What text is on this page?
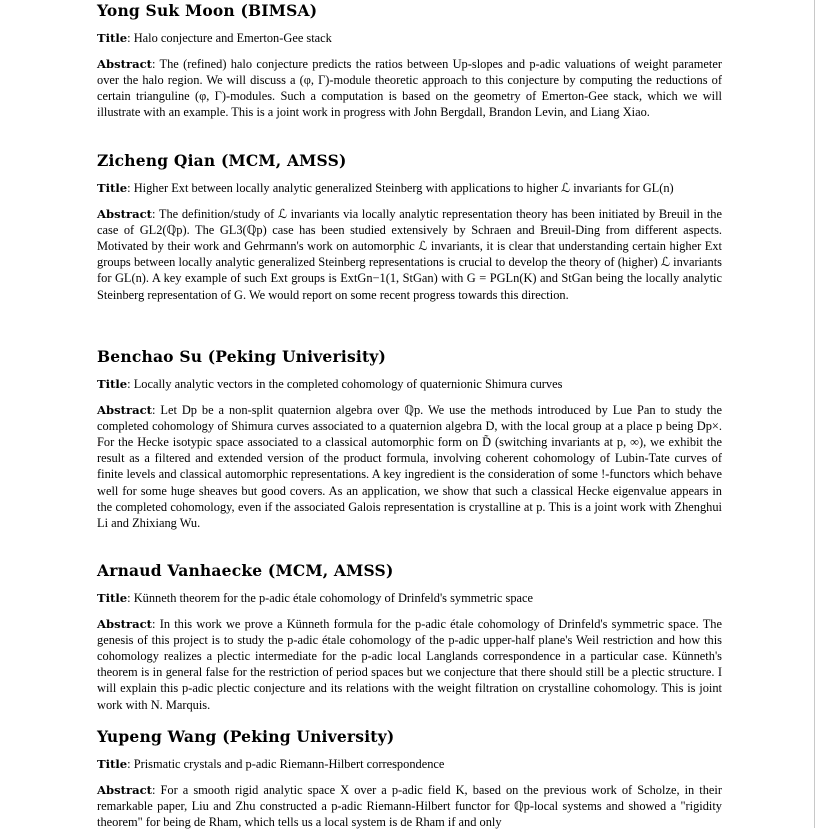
Yong Suk Moon (BIMSA)

Title: Halo conjecture and Emerton-Gee stack

Abstract: The (refined) halo conjecture predicts the ratios between Up-slopes and p-adic valuations of weight parameter over the halo region. We will discuss a (φ, Γ)-module theoretic approach to this conjecture by computing the reductions of certain trianguline (φ, Γ)-modules. Such a computation is based on the geometry of Emerton-Gee stack, which we will illustrate with an example. This is a joint work in progress with John Bergdall, Brandon Levin, and Liang Xiao.

Zicheng Qian (MCM, AMSS)

Title: Higher Ext between locally analytic generalized Steinberg with applications to higher ℒ invariants for GL(n)

Abstract: The definition/study of ℒ invariants via locally analytic representation theory has been initiated by Breuil in the case of GL2(ℚp). The GL3(ℚp) case has been studied extensively by Schraen and Breuil-Ding from different aspects. Motivated by their work and Gehrmann's work on automorphic ℒ invariants, it is clear that understanding certain higher Ext groups between locally analytic generalized Steinberg representations is crucial to develop the theory of (higher) ℒ invariants for GL(n). A key example of such Ext groups is ExtGn−1(1, StGan) with G = PGLn(K) and StGan being the locally analytic Steinberg representation of G. We would report on some recent progress towards this direction.

Benchao Su (Peking Univerisity)

Title: Locally analytic vectors in the completed cohomology of quaternionic Shimura curves

Abstract: Let Dp be a non-split quaternion algebra over ℚp. We use the methods introduced by Lue Pan to study the completed cohomology of Shimura curves associated to a quaternion algebra D, with the local group at a place p being Dp×. For the Hecke isotypic space associated to a classical automorphic form on D̃ (switching invariants at p, ∞), we exhibit the result as a filtered and extended version of the product formula, involving coherent cohomology of Lubin-Tate curves of finite levels and classical automorphic representations. A key ingredient is the consideration of some !-functors which behave well for some huge sheaves but good covers. As an application, we show that such a classical Hecke eigenvalue appears in the completed cohomology, even if the associated Galois representation is crystalline at p. This is a joint work with Zhenghui Li and Zhixiang Wu.

Arnaud Vanhaecke (MCM, AMSS)

Title: Künneth theorem for the p-adic étale cohomology of Drinfeld's symmetric space

Abstract: In this work we prove a Künneth formula for the p-adic étale cohomology of Drinfeld's symmetric space. The genesis of this project is to study the p-adic étale cohomology of the p-adic upper-half plane's Weil restriction and how this cohomology realizes a plectic intermediate for the p-adic local Langlands correspondence in a particular case. Künneth's theorem is in general false for the restriction of period spaces but we conjecture that there should still be a plectic structure. I will explain this p-adic plectic conjecture and its relations with the weight filtration on crystalline cohomology. This is joint work with N. Marquis.

Yupeng Wang (Peking University)

Title: Prismatic crystals and p-adic Riemann-Hilbert correspondence

Abstract: For a smooth rigid analytic space X over a p-adic field K, based on the previous work of Scholze, in their remarkable paper, Liu and Zhu constructed a p-adic Riemann-Hilbert functor for ℚp-local systems and showed a "rigidity theorem" for being de Rham, which tells us a local system is de Rham if and only
